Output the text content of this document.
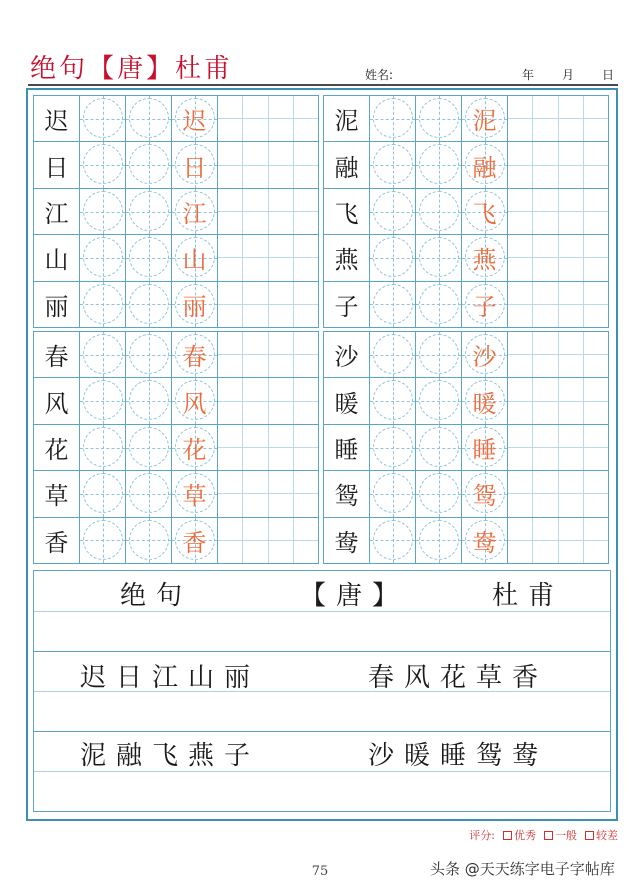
绝句【唐】杜甫	姓名:	年 月 日
迟	迟
日	日
江	江
山	山
丽	丽
泥	泥
融	融
飞	飞
燕	燕
子	子
春	春
风	风
花	花
草	草
香	香
沙	沙
暖	暖
睡	睡
鸳	鸳
鸯	鸯
绝句	【唐】	杜甫
迟日江山丽	春风花草香
泥融飞燕子	沙暖睡鸳鸯
评分: 优秀 一般 较差
75	头条 @天天练字电子字帖库
